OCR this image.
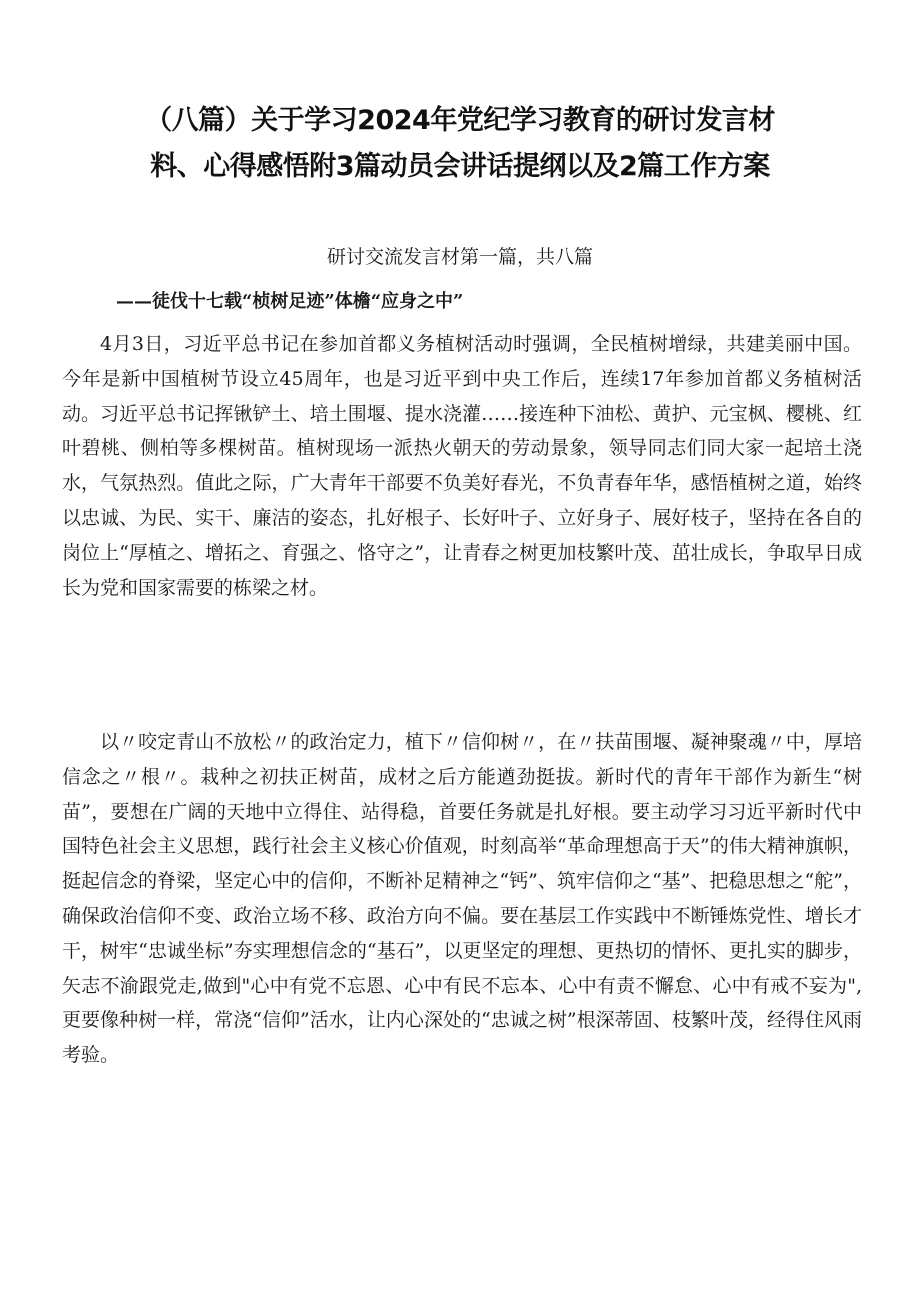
（八篇）关于学习2024年党纪学习教育的研讨发言材
料、心得感悟附3篇动员会讲话提纲以及2篇工作方案
研讨交流发言材第一篇，共八篇
——徒伐十七载“桢树足迹”体檐“应身之中”

4月3日，习近平总书记在参加首都义务植树活动时强调，全民植树增绿，共建美丽中国。今年是新中国植树节设立45周年，也是习近平到中央工作后，连续17年参加首都义务植树活动。习近平总书记挥锹铲土、培土围堰、提水浇灌……接连种下油松、黄护、元宝枫、樱桃、红叶碧桃、侧柏等多棵树苗。植树现场一派热火朝天的劳动景象，领导同志们同大家一起培土浇水，气氛热烈。值此之际，广大青年干部要不负美好春光，不负青春年华，感悟植树之道，始终以忠诚、为民、实干、廉洁的姿态，扎好根子、长好叶子、立好身子、展好枝子，坚持在各自的岗位上“厚植之、增拓之、育强之、恪守之”，让青春之树更加枝繁叶茂、茁壮成长，争取早日成长为党和国家需要的栋梁之材。

以〃咬定青山不放松〃的政治定力，植下〃信仰树〃，在〃扶苗围堰、凝神聚魂〃中，厚培信念之〃根〃。栽种之初扶正树苗，成材之后方能遒劲挺拔。新时代的青年干部作为新生“树苗”，要想在广阔的天地中立得住、站得稳，首要任务就是扎好根。要主动学习习近平新时代中国特色社会主义思想，践行社会主义核心价值观，时刻高举“革命理想高于天”的伟大精神旗帜，挺起信念的脊梁，坚定心中的信仰，不断补足精神之“钙”、筑牢信仰之“基”、把稳思想之“舵”，确保政治信仰不变、政治立场不移、政治方向不偏。要在基层工作实践中不断锤炼党性、增长才干，树牢“忠诚坐标”夯实理想信念的“基石”，以更坚定的理想、更热切的情怀、更扎实的脚步，矢志不渝跟党走,做到"心中有党不忘恩、心中有民不忘本、心中有责不懈怠、心中有戒不妄为",更要像种树一样，常浇“信仰”活水，让内心深处的“忠诚之树”根深蒂固、枝繁叶茂，经得住风雨考验。
